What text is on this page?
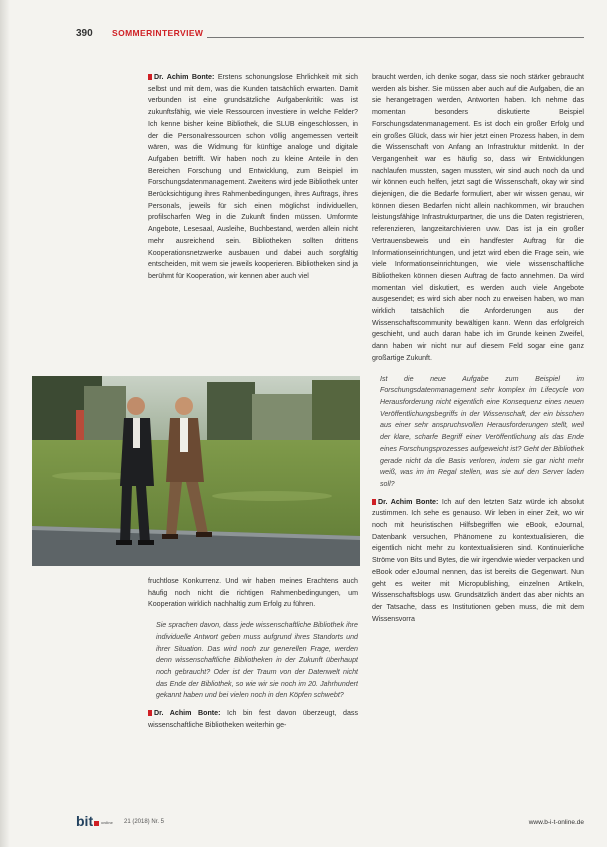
390 SOMMERINTERVIEW

Dr. Achim Bonte: Erstens schonungslose Ehrlichkeit mit sich selbst und mit dem, was die Kunden tatsächlich erwarten. Damit verbunden ist eine grundsätzliche Aufgabenkritik: was ist zukunftsfähig, wie viele Ressourcen investiere in welche Felder? Ich kenne bisher keine Bibliothek, die SLUB eingeschlossen, in der die Personalressourcen schon völlig angemessen verteilt wären, was die Widmung für künftige analoge und digitale Aufgaben betrifft. Wir haben noch zu kleine Anteile in den Bereichen Forschung und Entwicklung, zum Beispiel im Forschungsdatenmanagement. Zweitens wird jede Bibliothek unter Berücksichtigung ihres Rahmenbedingungen, ihres Auftrags, ihres Personals, jeweils für sich einen möglichst individuellen, profilscharfen Weg in die Zukunft finden müssen. Umformte Angebote, Lesesaal, Ausleihe, Buchbestand, werden allein nicht mehr ausreichend sein. Bibliotheken sollten drittens Kooperationsnetzwerke ausbauen und dabei auch sorgfältig entscheiden, mit wem sie jeweils kooperieren. Bibliotheken sind ja berühmt für Kooperation, wir kennen aber auch viel

fruchtlose Konkurrenz. Und wir haben meines Erachtens auch häufig noch nicht die richtigen Rahmenbedingungen, um Kooperation wirklich nachhaltig zum Erfolg zu führen.

Sie sprachen davon, dass jede wissenschaftliche Bibliothek ihre individuelle Antwort geben muss aufgrund ihres Standorts und ihrer Situation. Das wird noch zur generellen Frage, werden denn wissenschaftliche Bibliotheken in der Zukunft überhaupt noch gebraucht? Oder ist der Traum von der Datenwelt nicht das Ende der Bibliothek, so wie wir sie noch im 20. Jahrhundert gekannt haben und bei vielen noch in den Köpfen schwebt?

Dr. Achim Bonte: Ich bin fest davon überzeugt, dass wissenschaftliche Bibliotheken weiterhin ge-

braucht werden, ich denke sogar, dass sie noch stärker gebraucht werden als bisher. Sie müssen aber auch auf die Aufgaben, die an sie herangetragen werden, Antworten haben. Ich nehme das momentan besonders diskutierte Beispiel Forschungsdatenmanagement. Es ist doch ein großer Erfolg und ein großes Glück, dass wir hier jetzt einen Prozess haben, in dem die Wissenschaft von Anfang an Infrastruktur mitdenkt. In der Vergangenheit war es häufig so, dass wir Entwicklungen nachlaufen mussten, sagen mussten, wir sind auch noch da und wir können euch helfen, jetzt sagt die Wissenschaft, okay wir sind diejenigen, die die Bedarfe formuliert, aber wir wissen genau, wir können diesen Bedarfen nicht allein nachkommen, wir brauchen leistungsfähige Infrastrukturpartner, die uns die Daten registrieren, referenzieren, langzeitarchivieren uvw. Das ist ja ein großer Vertrauensbeweis und ein handfester Auftrag für die Informationseinrichtungen, und jetzt wird eben die Frage sein, wie viele Informationseinrichtungen, wie viele wissenschaftliche Bibliotheken können diesen Auftrag de facto annehmen. Da wird momentan viel diskutiert, es werden auch viele Angebote ausgesendet; es wird sich aber noch zu erweisen haben, wo man wirklich tatsächlich die Anforderungen aus der Wissenschaftscommunity bewältigen kann. Wenn das erfolgreich geschieht, und auch daran habe ich im Grunde keinen Zweifel, dann haben wir nicht nur auf diesem Feld sogar eine ganz großartige Zukunft.

Ist die neue Aufgabe zum Beispiel im Forschungsdatenmanagement sehr komplex im Lifecycle von Herausforderung nicht eigentlich eine Konsequenz eines neuen Veröffentlichungsbegriffs in der Wissenschaft, der ein bisschen aus einer sehr anspruchsvollen Herausforderungen stellt, weil der klare, scharfe Begriff einer Veröffentlichung als das Ende eines Forschungsprozesses aufgeweicht ist? Geht der Bibliothek gerade nicht da die Basis verloren, indem sie gar nicht mehr weiß, was im im Regal stellen, was sie auf den Server laden soll?

Dr. Achim Bonte: Ich auf den letzten Satz würde ich absolut zustimmen. Ich sehe es genauso. Wir leben in einer Zeit, wo wir noch mit heuristischen Hilfsbegriffen wie eBook, eJournal, Datenbank versuchen, Phänomene zu kontextualisieren, die eigentlich nicht mehr zu kontextualisieren sind. Kontinuierliche Ströme von Bits und Bytes, die wir irgendwie wieder verpacken und eBook oder eJournal nennen, das ist bereits die Gegenwart. Nun geht es weiter mit Micropublishing, einzelnen Artikeln, Wissenschaftsblogs usw. Grundsätzlich ändert das aber nichts an der Tatsache, dass es Institutionen geben muss, die mit dem Wissensvorra

bit online 21 (2018) Nr. 5	www.b-i-t-online.de
